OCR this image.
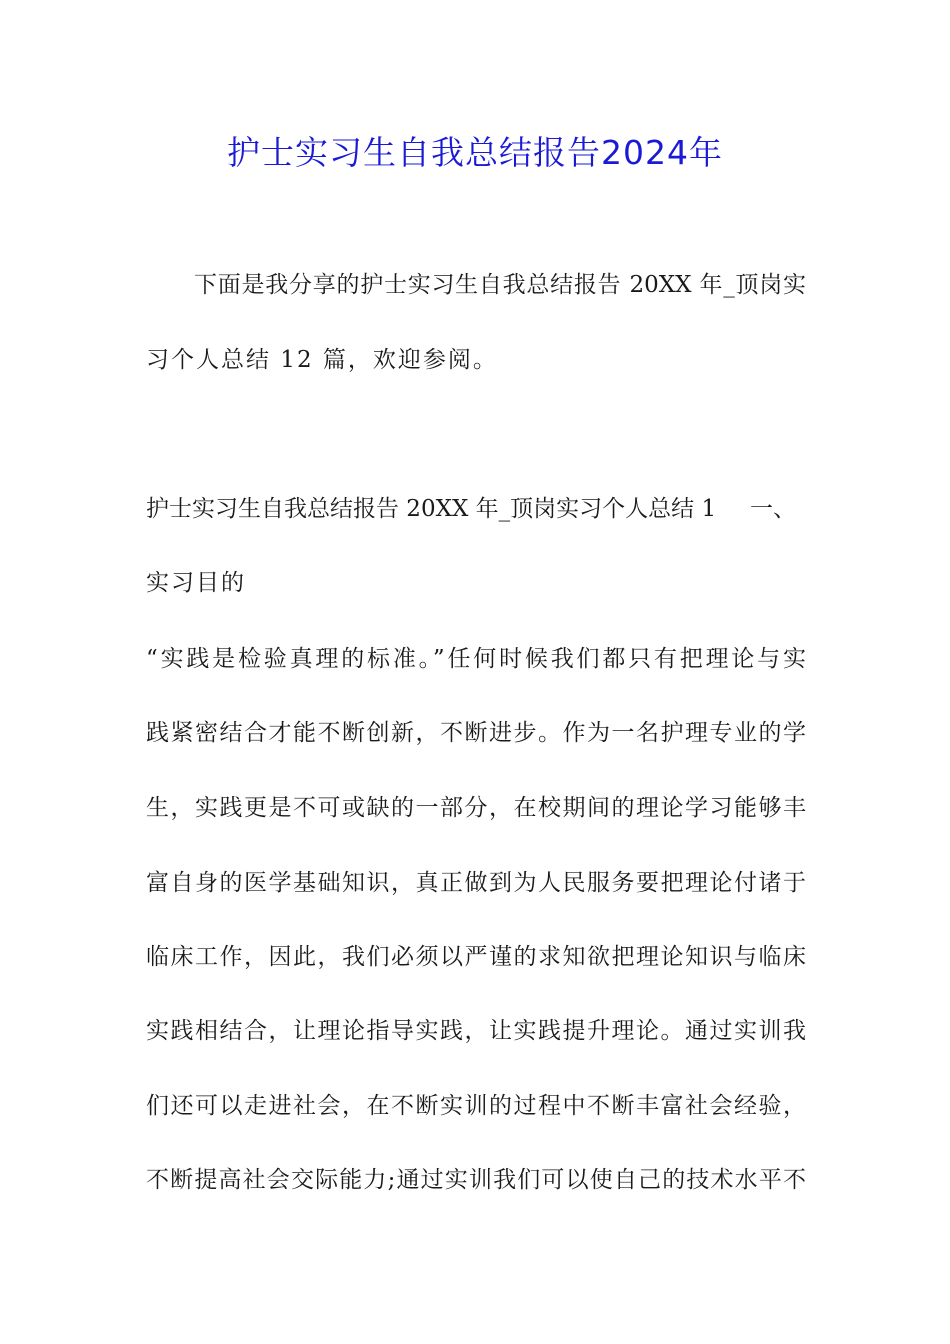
护士实习生自我总结报告2024年
下面是我分享的护士实习生自我总结报告 20XX 年_顶岗实
习个人总结 12 篇，欢迎参阅。
护士实习生自我总结报告 20XX 年_顶岗实习个人总结 1 一、
实习目的
“实践是检验真理的标准。”任何时候我们都只有把理论与实
践紧密结合才能不断创新，不断进步。作为一名护理专业的学
生，实践更是不可或缺的一部分，在校期间的理论学习能够丰
富自身的医学基础知识，真正做到为人民服务要把理论付诸于
临床工作，因此，我们必须以严谨的求知欲把理论知识与临床
实践相结合，让理论指导实践，让实践提升理论。通过实训我
们还可以走进社会，在不断实训的过程中不断丰富社会经验，
不断提高社会交际能力;通过实训我们可以使自己的技术水平不
